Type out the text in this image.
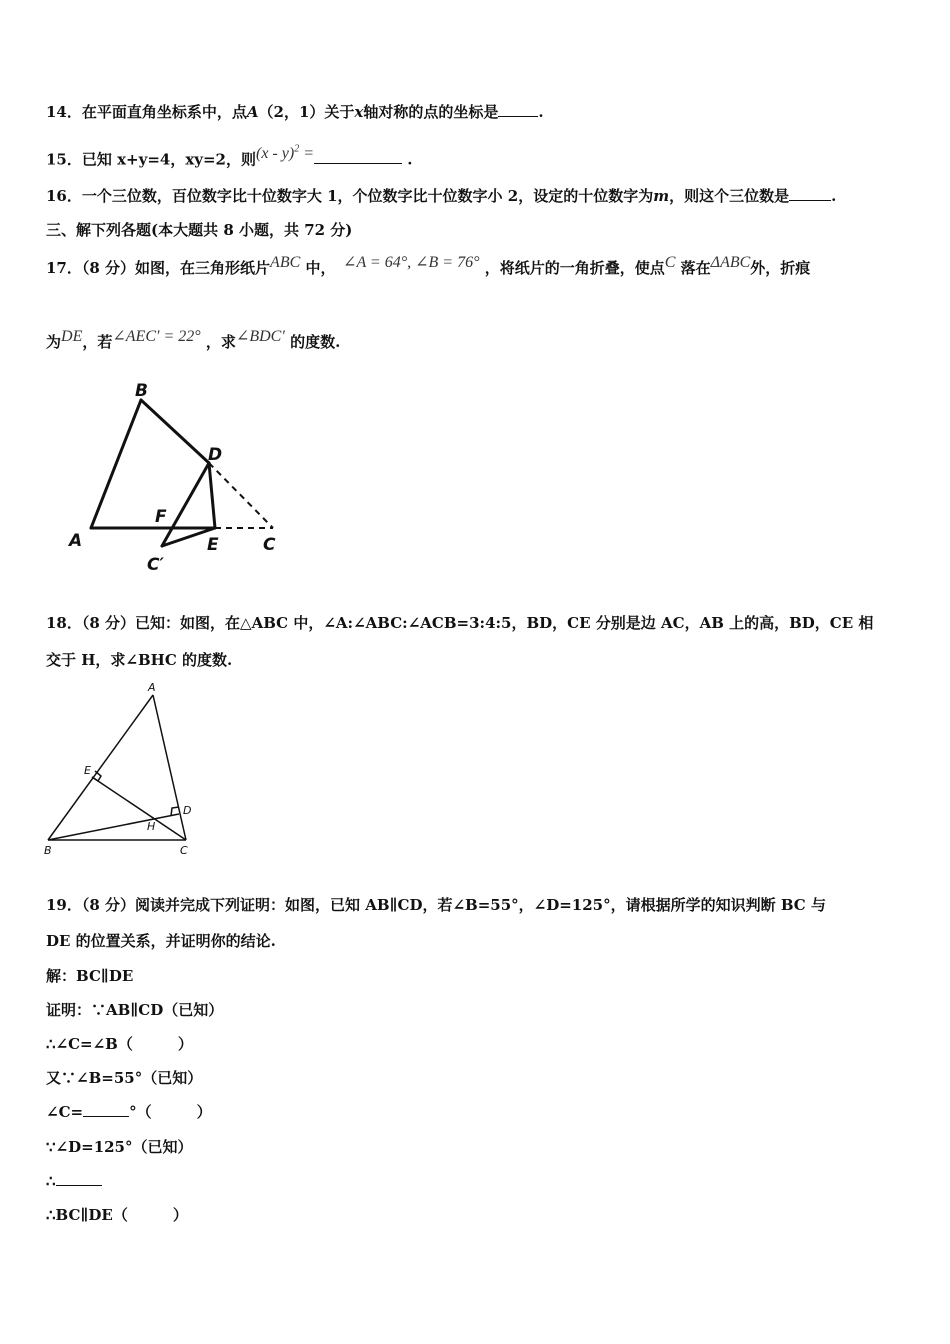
14．在平面直角坐标系中，点A（2，1）关于x轴对称的点的坐标是	.
15．已知 x+y=4，xy=2，则(x - y)$^2$ =	.
16．一个三位数，百位数字比十位数字大 1，个位数字比十位数字小 2，设定的十位数字为m，则这个三位数是	.
三、解下列各题(本大题共 8 小题，共 72 分)
17．（8 分）如图，在三角形纸片ABC 中，　 ∠A = 64°, ∠B = 76° ，将纸片的一角折叠，使点C 落在ΔABC外，折痕
为DE，若∠AEC′ = 22° ，求∠BDC′ 的度数.
A
B
D
F
E	C
C′
18．（8 分）已知：如图，在△ABC 中，∠A:∠ABC:∠ACB=3:4:5，BD，CE 分别是边 AC，AB 上的高，BD，CE 相
交于 H，求∠BHC 的度数.
A
E
D
H
B	C
19．（8 分）阅读并完成下列证明：如图，已知 AB∥CD，若∠B=55°，∠D=125°，请根据所学的知识判断 BC 与
DE 的位置关系，并证明你的结论.
解：BC∥DE
证明：∵AB∥CD（已知）
∴∠C=∠B（　　　）
又∵∠B=55°（已知）
∠C=	°（　　　）
∵∠D=125°（已知）
∴
∴BC∥DE（　　　）
